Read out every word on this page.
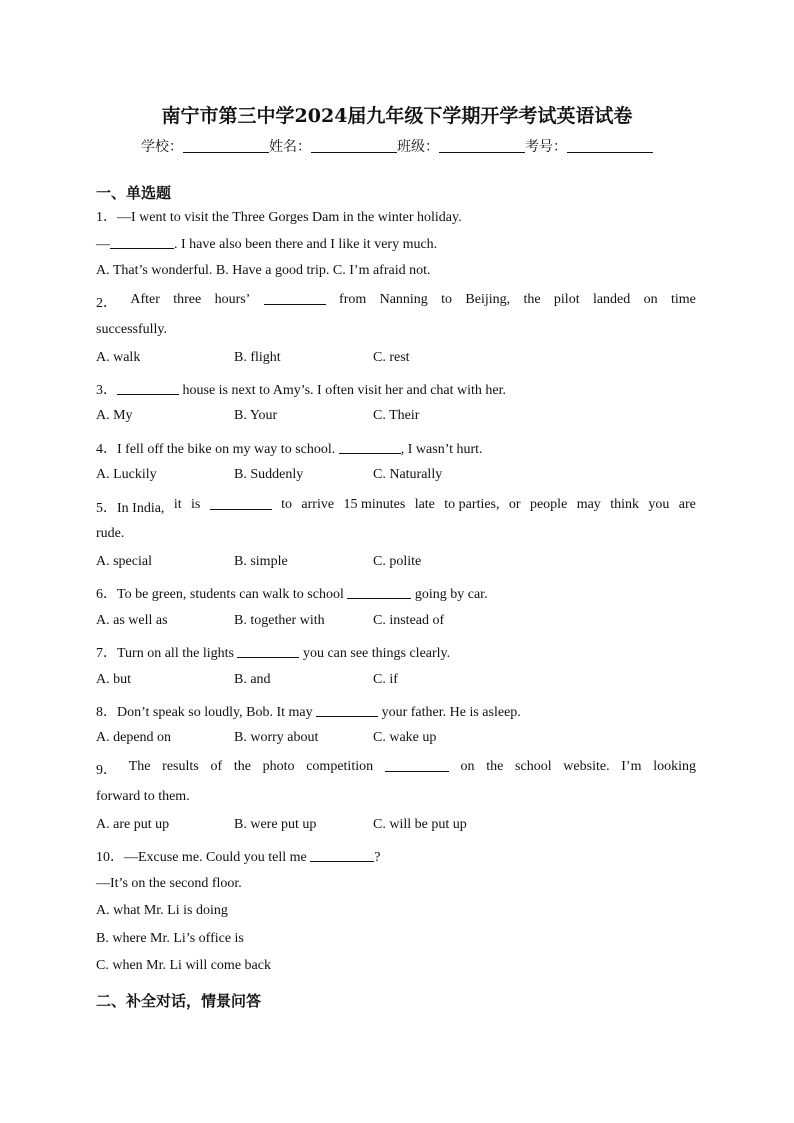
南宁市第三中学2024届九年级下学期开学考试英语试卷
学校：	姓名：	班级：	考号：
一、单选题
1．—I went to visit the Three Gorges Dam in the winter holiday.
—	. I have also been there and I like it very much.
A. That’s wonderful. B. Have a good trip. C. I’m afraid not.
2． After three hours’	from Nanning to Beijing, the pilot landed on time
successfully.
A. walk	B. flight	C. rest
3．	house is next to Amy’s. I often visit her and chat with her.
A. My	B. Your	C. Their
4．I fell off the bike on my way to school.	, I wasn’t hurt.
A. Luckily	B. Suddenly	C. Naturally
5．In India, it is	to arrive 15 minutes late to parties, or people may think you are
rude.
A. special	B. simple	C. polite
6．To be green, students can walk to school	going by car.
A. as well as	B. together with	C. instead of
7．Turn on all the lights	you can see things clearly.
A. but	B. and	C. if
8．Don’t speak so loudly, Bob. It may	your father. He is asleep.
A. depend on	B. worry about	C. wake up
9． The results of the photo competition	on the school website. I’m looking
forward to them.
A. are put up	B. were put up	C. will be put up
10．—Excuse me. Could you tell me	?
—It’s on the second floor.
A. what Mr. Li is doing
B. where Mr. Li’s office is
C. when Mr. Li will come back
二、补全对话，情景问答
